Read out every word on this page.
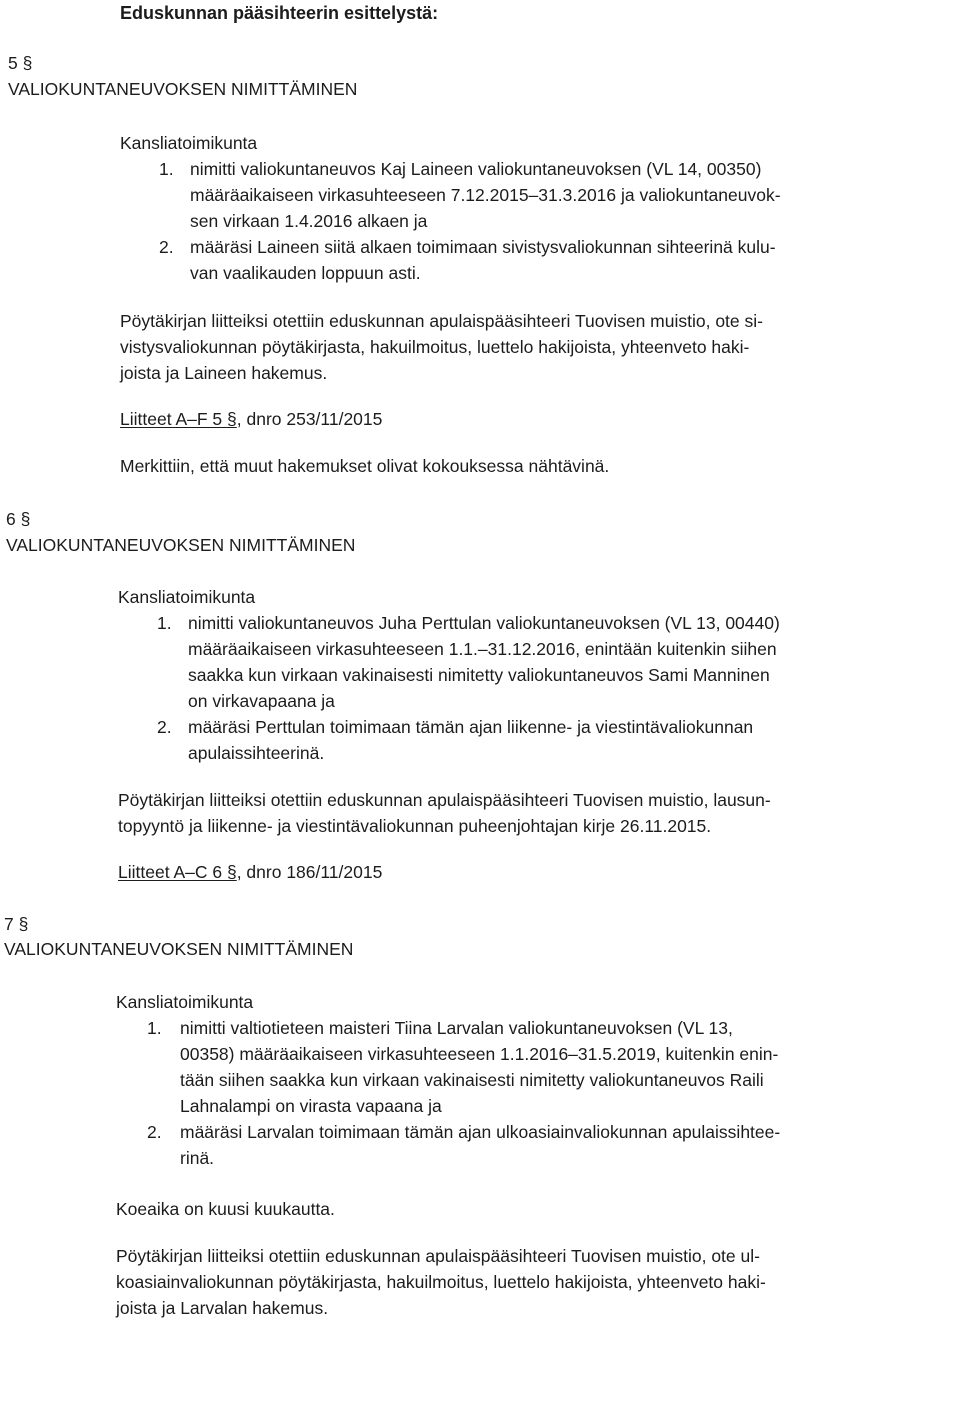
Eduskunnan pääsihteerin esittelystä:
5 §
VALIOKUNTANEUVOKSEN NIMITTÄMINEN
Kansliatoimikunta
1. nimitti valiokuntaneuvos Kaj Laineen valiokuntaneuvoksen (VL 14, 00350)
määräaikaiseen virkasuhteeseen 7.12.2015–31.3.2016 ja valiokuntaneuvok-
sen virkaan 1.4.2016 alkaen ja
2. määräsi Laineen siitä alkaen toimimaan sivistysvaliokunnan sihteerinä kulu-
van vaalikauden loppuun asti.
Pöytäkirjan liitteiksi otettiin eduskunnan apulaispääsihteeri Tuovisen muistio, ote si-
vistysvaliokunnan pöytäkirjasta, hakuilmoitus, luettelo hakijoista, yhteenveto haki-
joista ja Laineen hakemus.
Liitteet A–F 5 §, dnro 253/11/2015
Merkittiin, että muut hakemukset olivat kokouksessa nähtävinä.
6 §
VALIOKUNTANEUVOKSEN NIMITTÄMINEN
Kansliatoimikunta
1. nimitti valiokuntaneuvos Juha Perttulan valiokuntaneuvoksen (VL 13, 00440)
määräaikaiseen virkasuhteeseen 1.1.–31.12.2016, enintään kuitenkin siihen
saakka kun virkaan vakinaisesti nimitetty valiokuntaneuvos Sami Manninen
on virkavapaana ja
2. määräsi Perttulan toimimaan tämän ajan liikenne- ja viestintävaliokunnan
apulaissihteerinä.
Pöytäkirjan liitteiksi otettiin eduskunnan apulaispääsihteeri Tuovisen muistio, lausun-
topyyntö ja liikenne- ja viestintävaliokunnan puheenjohtajan kirje 26.11.2015.
Liitteet A–C 6 §, dnro 186/11/2015
7 §
VALIOKUNTANEUVOKSEN NIMITTÄMINEN
Kansliatoimikunta
1. nimitti valtiotieteen maisteri Tiina Larvalan valiokuntaneuvoksen (VL 13,
00358) määräaikaiseen virkasuhteeseen 1.1.2016–31.5.2019, kuitenkin enin-
tään siihen saakka kun virkaan vakinaisesti nimitetty valiokuntaneuvos Raili
Lahnalampi on virasta vapaana ja
2. määräsi Larvalan toimimaan tämän ajan ulkoasiainvaliokunnan apulaissihtee-
rinä.
Koeaika on kuusi kuukautta.
Pöytäkirjan liitteiksi otettiin eduskunnan apulaispääsihteeri Tuovisen muistio, ote ul-
koasiainvaliokunnan pöytäkirjasta, hakuilmoitus, luettelo hakijoista, yhteenveto haki-
joista ja Larvalan hakemus.
